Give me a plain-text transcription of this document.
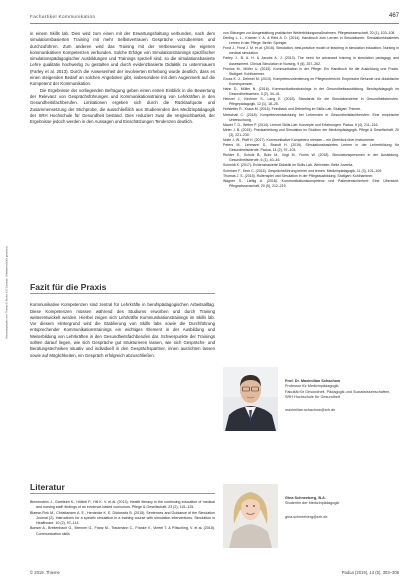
Heruntergeladen von: Thieme E-Books & E-Journals. Urheberrechtlich geschützt.
Fachartikel Kommunikation	467

in einem Skills lab. Dies wird zum einen mit der Erwartungshaltung verbunden, nach dem simulationsbasierten Training mit mehr Selbstvertrauen Gespräche vorzubereiten und durchzuführen. Zum anderen wird das Training mit der Verbesserung der eigenen kommunikativen Kompetenzen verbunden. Solche Erfolge von Simulationstrainings spezifischer simulationspädagogischer Ausbildungen und Trainings speziell sind, so die simulationsbasierte Lehre qualitativ hochwertig zu gestalten und durch evidenzbasierte Didaktik zu unterrmauern (Farley et al. 2013). Durch die Anwesenheit der involvierten Erhebung wurde deutlich, dass es einen steigenden Bedarf an solchen Angeboten gibt, insbesondere mit dem Augenmerk auf die Kompetenz der Kommunikation.

Die Ergebnisse der vorliegenden Befragung geben einen ersten Einblick in die Bewertung der Relevanz von Gesprächsführungen und Kommunikationstraining von Lehrkräften in den Gesundheitsfachberufen. Limitationen ergeben sich durch die Rücklaufquote und Zusammensetzung der Stichprobe, die ausschließlich aus Studierenden des Medizinpädagogik der SRH Hochschule für Gesundheit bestand. Dies reduziert zwar die Vergleichbarkeit, der Ergebnisse jedoch werden in den Aussagen und Einschätzungen Tendenzen deutlich.

Fazit für die Praxis

Kommunikative Kompetenzen sind zentral für Lehrkräfte in berufspädagogischen Arbeitsalltag. Diese Kompetenzen müssen während des Studiums erworben und durch Training weiterentwickelt werden. Hierbei zeigen sich Lehrkräfte Kommunikationstrainings im Skills lab. Vor diesem Hintergrund wird die Etablierung von Skills labs sowie die Durchführung entsprechender Kommunikationstrainings ein wichtiges Element in der Ausbildung und Weiterbildung von Lehrkräften in den Gesundheitsfachberufen dar. Schwerpunkte der Trainings sollten darauf liegen, wie sich Gespräche gut strukturieren lassen, wie sich Gesprächs- und Beratungstechniken situativ und individuell in den Gesprächspartner, innen ausrichten lassen sowie auf Möglichkeiten, ein Gespräch erfolgreich abzuschließen.

Literatur

Bienenstein J., Garritsen K., Hütteb P., Hill K. V. et al. (2013). Health literacy in the continuing education of medical and nursing staff: findings of an evidence-based curriculum. Pflege & Gesellschaft, 23 (2), 115–125.

Blaese-Fink M., Christiansen A. E., Herdecke K. E. Dürkewitz B. (2015). Sentences and Guidance of the Simulation Journal (2). Instructions for a specific simulation in a training course with simulation interventions. Simulation in Healthcare. 10 (2), 97–114.

Bonser A., Breitenbach G., Brenner G., Franz M., Trautmann C., Franke V., Viertel T. & Pötsching, V. et al. (2018). Communication skills

von Sitzungen zur Ausgestaltung praktischer Weiterbildungsmaßnahmen. Pflegewissenschaft, 20 (1), 103–108.

Derling L. L., Kramer Y. A. & Reid A. D. (2014). Handbuch zum Lernen in Simulationen: Simulationsbasiertes Lernen in der Pflege. Berlin: Springer.

Frost J., Frost J. M. et al. (2016). Simulation: best-practice model of teaching in simulation education. Nursing in medical simulation.

Farley J., B. A. H. & Jacobs A. J. (2013). The need for advanced training in simulation pedagogy and Assessment. Clinical Simulation in Nursing, 9 (6), 257–262.

Fronius M., Müller U. (2015). Kommunikation in der Pflege: Ein Handbuch für die Ausbildung und Praxis. Stuttgart: Kohlhammer.

Gross K. J., Dehmel M. (2013). Kompetenzorientierung im Pflegeunterricht. Empirische Befunde und didaktische Konsequenzen.

Hahn D., Müller N. (2016). Kommunikationstrainings in der Gesundheitsausbildung. Berufspädagogik im Gesundheitswesen, 3 (2), 34–41.

Heinzel J., Kirchner S., Lang E. (2018). Standards für die Simulationslehre in Gesundheitsberufen. Pflegepädagogik, 12 (1), 18–25.

Hofstetter R., Kraus M. (2016). Feedback und Debriefing im Skills Lab. Stuttgart: Thieme.

Marschall C. (2018). Kompetenzentwicklung bei Lehrenden in Gesundheitsfachberufen: Eine empirische Untersuchung.

Mauer T. D., Weber P. (2014). Lernort Skills Lab: Konzepte und Erfahrungen. Padua, 9 (4), 211–216.

Meier J. B. (2015). Praxisanleitung und Simulation im Studium der Medizinpädagogik. Pflege & Gesellschaft, 20 (3), 221–230.

Nolte J. W., Pfaff H. (2017). Kommunikative Kompetenz messen – ein Überblick über Instrumente.

Peters M., Lehmann S., Brandt H. (2019). Simulationsbasiertes Lernen in der Lehrerbildung für Gesundheitsberufe. Padua, 14 (2), 97–103.

Richter E., Schulz B., Buhr M., Vogt M., Fuchs W. (2018). Simulationspersonen in der Ausbildung. Gesundheitsberufe, 6 (1), 40–46.

Schmidt K. (2017). Evidenzbasierte Didaktik im Skills Lab. Weinheim: Beltz Juventa.

Schröder F., Kern C. (2016). Gesprächsführung lehren und lernen. Medizinpädagogik, 11 (3), 101–109.

Thomas J. S. (2015). Rollenspiel und Simulation in der Pflegeausbildung. Stuttgart: Kohlhammer.

Wagner S., Liebig A. (2018). Kommunikationskompetenz und Patientensicherheit: Eine Übersicht. Pflegewissenschaft, 20 (5), 212–219.

Prof. Dr. Maximilian Schachow
Professor für Medizinpädagogik,
Fakultät für Gesundheit, Pädagogik und Sozialwissenschaften,
SRH Hochschule für Gesundheit
maximilian.schachow@srh.de
Gina Schneeberg, B.A.
Studentin der Medizinpädagogik
gina.schneeberg@srh.de
© 2019. Thieme	Padua (2019), 14 (5), 303–308
